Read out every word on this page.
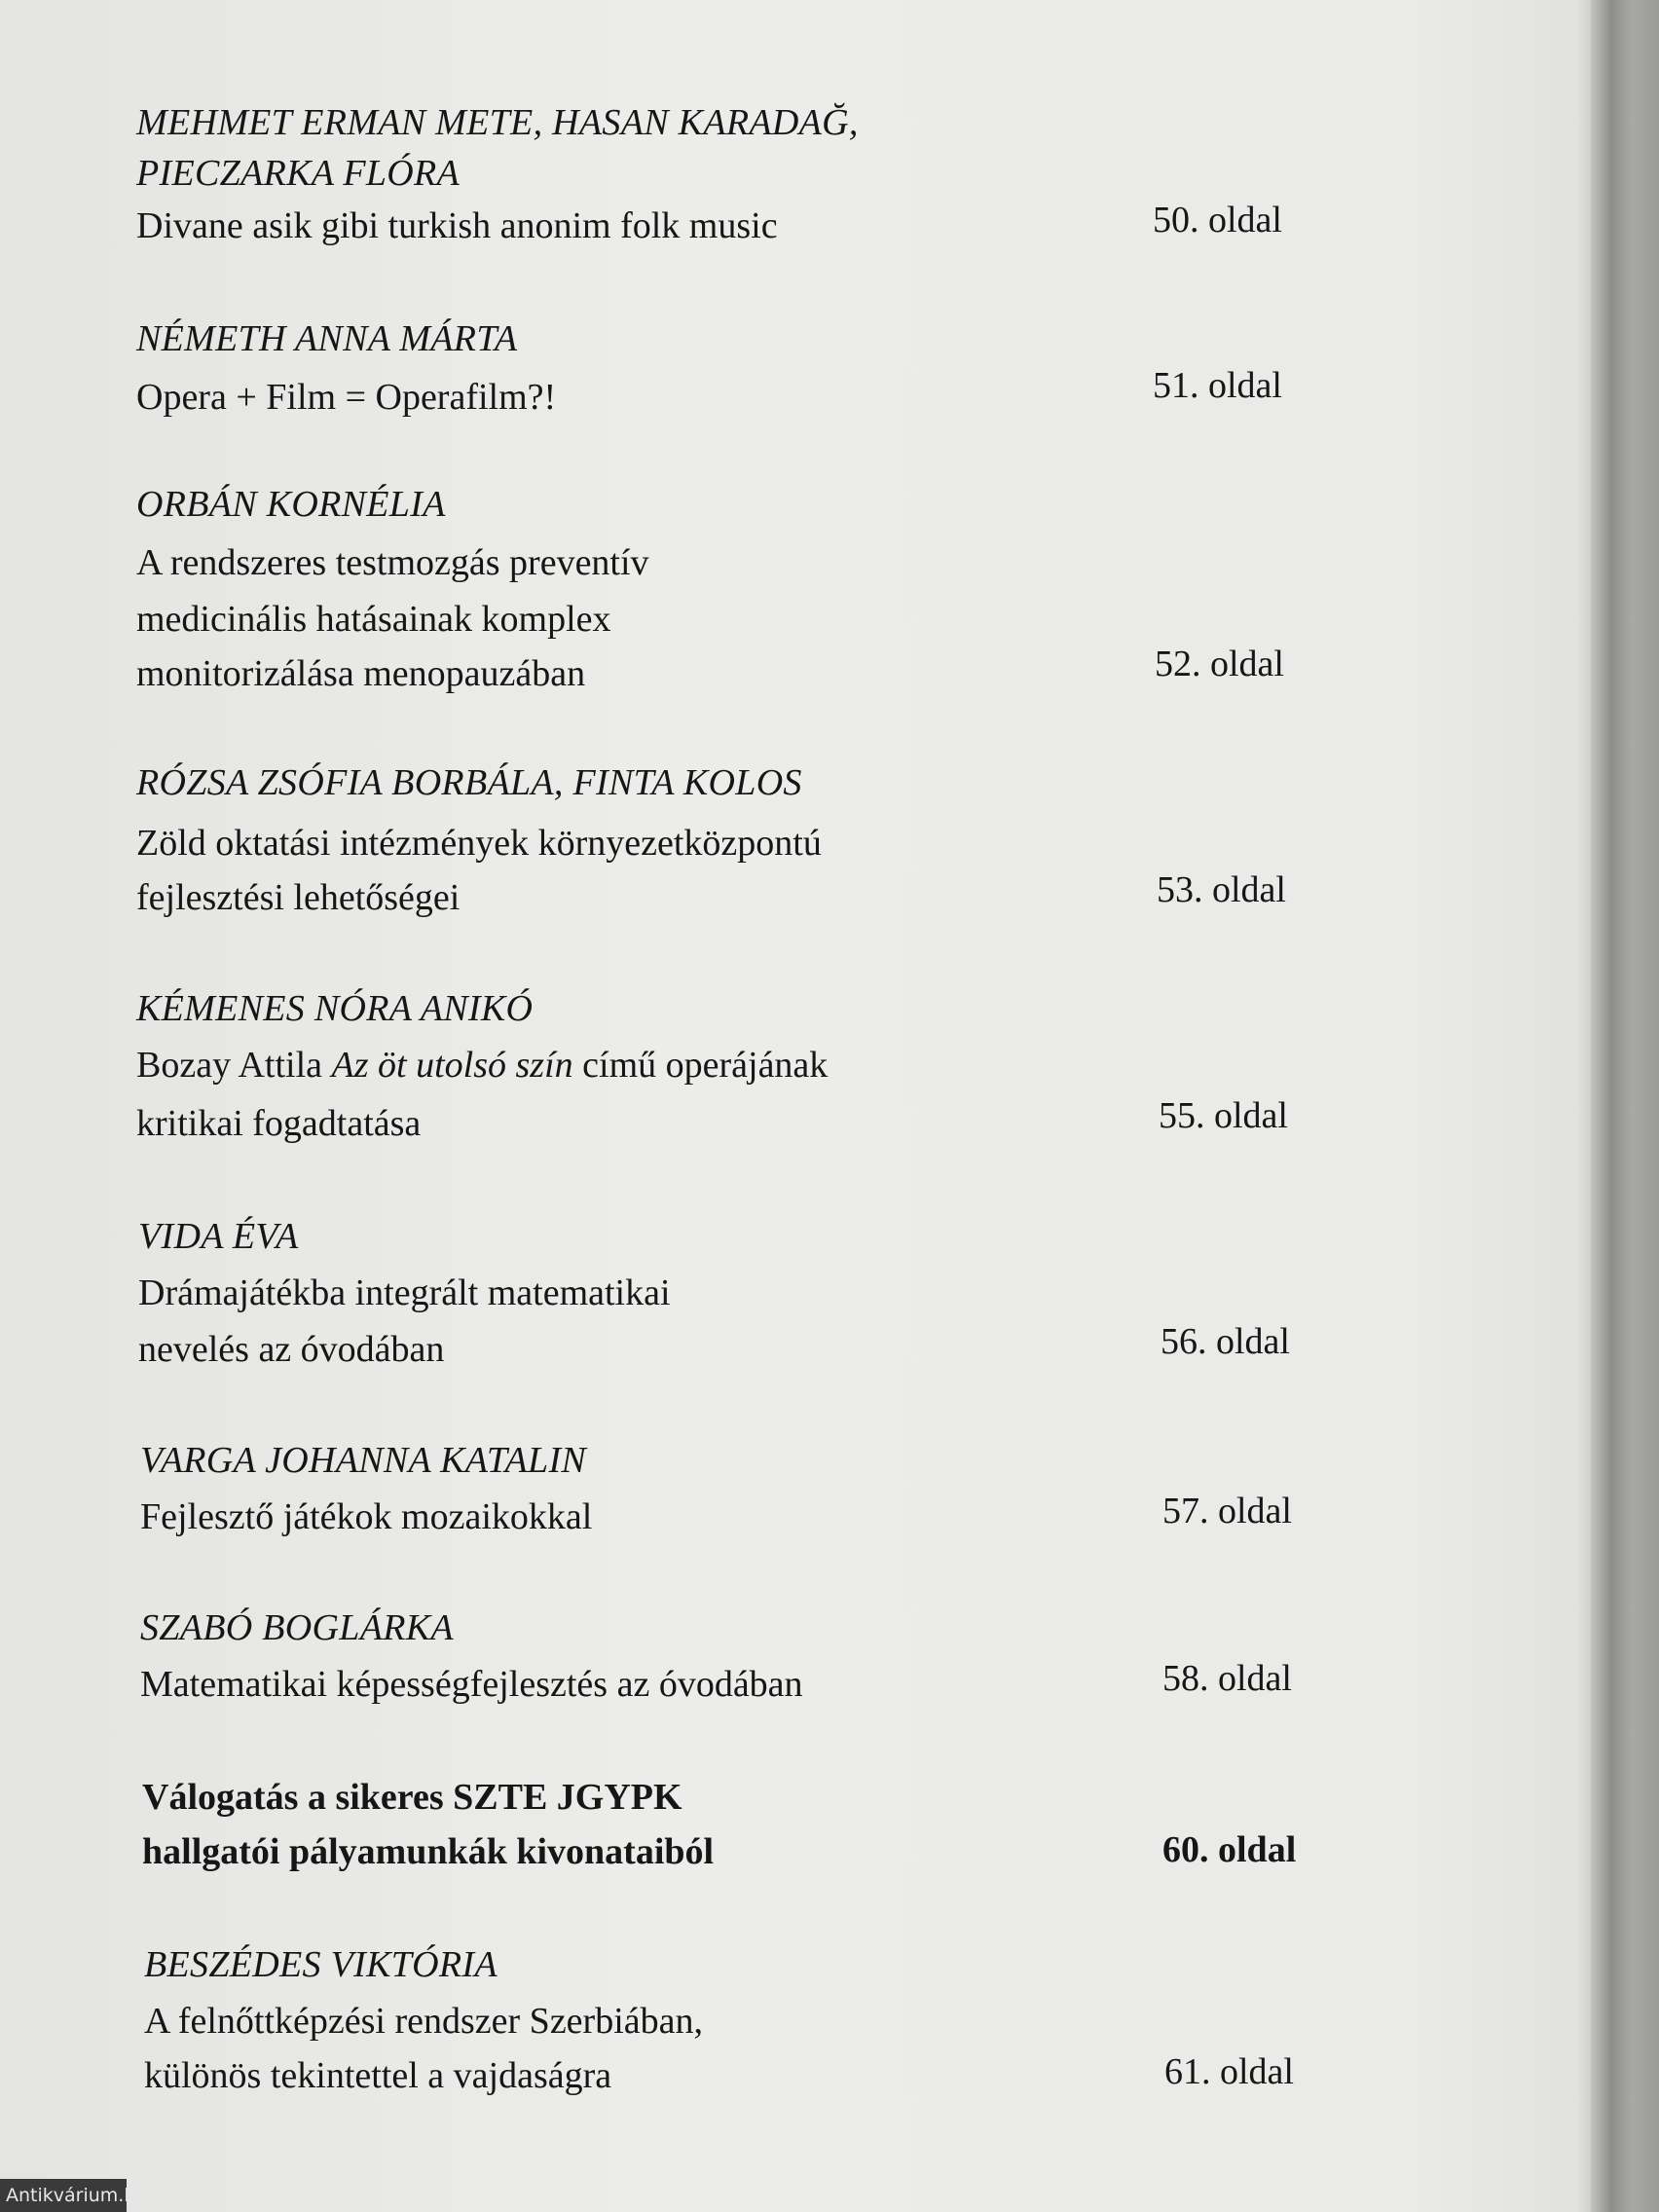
MEHMET ERMAN METE, HASAN KARADAĞ,
PIECZARKA FLÓRA
Divane asik gibi turkish anonim folk music	50. oldal
NÉMETH ANNA MÁRTA
Opera + Film = Operafilm?!	51. oldal
ORBÁN KORNÉLIA
A rendszeres testmozgás preventív
medicinális hatásainak komplex
monitorizálása menopauzában	52. oldal
RÓZSA ZSÓFIA BORBÁLA, FINTA KOLOS
Zöld oktatási intézmények környezetközpontú
fejlesztési lehetőségei	53. oldal
KÉMENES NÓRA ANIKÓ
Bozay Attila Az öt utolsó szín című operájának
kritikai fogadtatása	55. oldal
VIDA ÉVA
Drámajátékba integrált matematikai
nevelés az óvodában	56. oldal
VARGA JOHANNA KATALIN
Fejlesztő játékok mozaikokkal	57. oldal
SZABÓ BOGLÁRKA
Matematikai képességfejlesztés az óvodában	58. oldal
Válogatás a sikeres SZTE JGYPK
hallgatói pályamunkák kivonataiból	60. oldal
BESZÉDES VIKTÓRIA
A felnőttképzési rendszer Szerbiában,
különös tekintettel a vajdaságra	61. oldal
Antikvárium.hu
